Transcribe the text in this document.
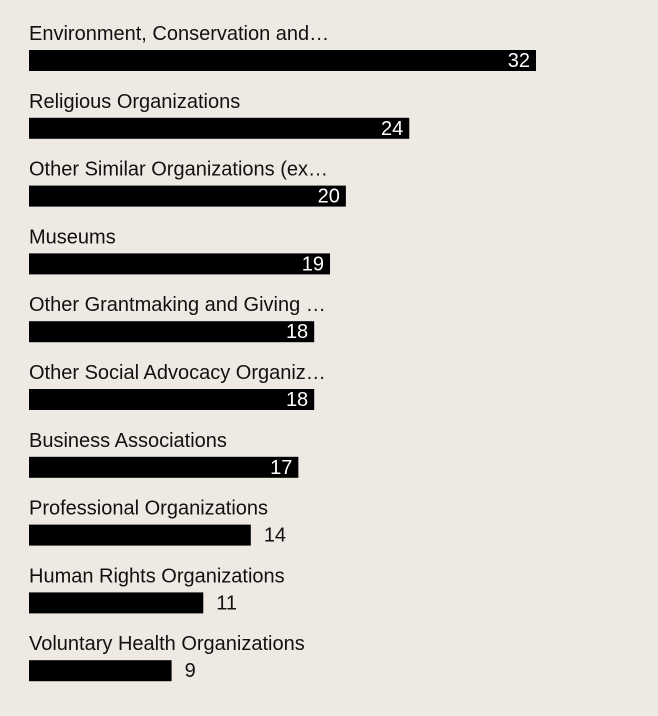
Environment, Conservation and…
32
Religious Organizations
24
Other Similar Organizations (ex…
20
Museums
19
Other Grantmaking and Giving …
18
Other Social Advocacy Organiz…
18
Business Associations
17
Professional Organizations
14
Human Rights Organizations
11
Voluntary Health Organizations
9
